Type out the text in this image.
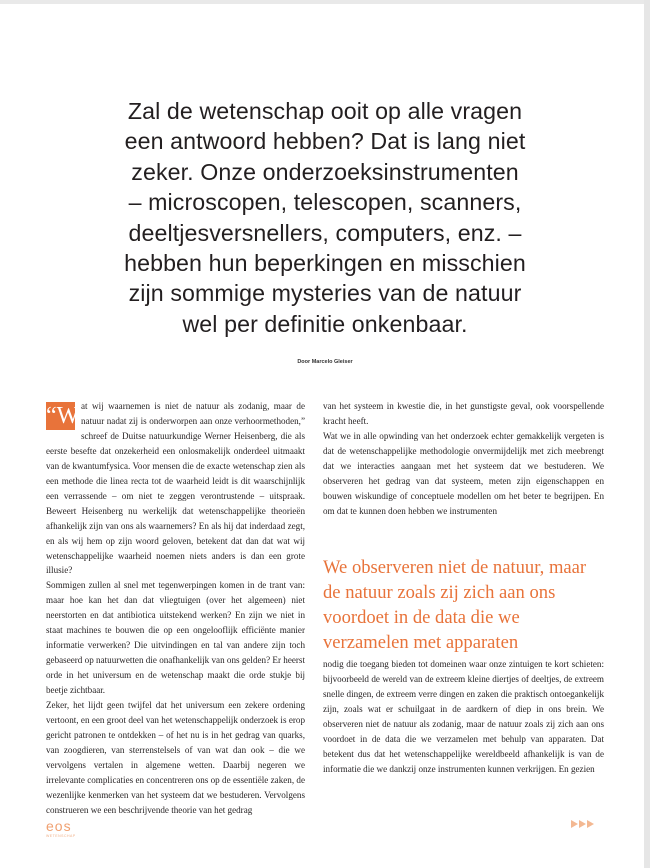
Zal de wetenschap ooit op alle vragen
een antwoord hebben? Dat is lang niet
zeker. Onze onderzoeksinstrumenten
– microscopen, telescopen, scanners,
deeltjesversnellers, computers, enz. –
hebben hun beperkingen en misschien
zijn sommige mysteries van de natuur
wel per definitie onkenbaar.
Door Marcelo Gleiser

“W at wij waarnemen is niet de natuur als zodanig, maar de natuur nadat zij is onderworpen aan onze verhoormethoden,” schreef de Duitse natuurkundige Werner Heisenberg, die als eerste besefte dat onzekerheid een onlosmakelijk onderdeel uitmaakt van de kwantumfysica. Voor mensen die de exacte wetenschap zien als een methode die linea recta tot de waarheid leidt is dit waarschijnlijk een verrassende – om niet te zeggen verontrustende – uitspraak. Beweert Heisenberg nu werkelijk dat wetenschappelijke theorieën afhankelijk zijn van ons als waarnemers? En als hij dat inderdaad zegt, en als wij hem op zijn woord geloven, betekent dat dan dat wat wij wetenschappelijke waarheid noemen niets anders is dan een grote illusie?

Sommigen zullen al snel met tegenwerpingen komen in de trant van: maar hoe kan het dan dat vliegtuigen (over het algemeen) niet neerstorten en dat antibiotica uitstekend werken? En zijn we niet in staat machines te bouwen die op een ongelooflijk efficiënte manier informatie verwerken? Die uitvindingen en tal van andere zijn toch gebaseerd op natuurwetten die onafhankelijk van ons gelden? Er heerst orde in het universum en de wetenschap maakt die orde stukje bij beetje zichtbaar.

Zeker, het lijdt geen twijfel dat het universum een zekere ordening vertoont, en een groot deel van het wetenschappelijk onderzoek is erop gericht patronen te ontdekken – of het nu is in het gedrag van quarks, van zoogdieren, van sterrenstelsels of van wat dan ook – die we vervolgens vertalen in algemene wetten. Daarbij negeren we irrelevante complicaties en concentreren ons op de essentiële zaken, de wezenlijke kenmerken van het systeem dat we bestuderen. Vervolgens construeren we een beschrijvende theorie van het gedrag

van het systeem in kwestie die, in het gunstigste geval, ook voorspellende kracht heeft.

Wat we in alle opwinding van het onderzoek echter gemakkelijk vergeten is dat de wetenschappelijke methodologie onvermijdelijk met zich meebrengt dat we interacties aangaan met het systeem dat we bestuderen. We observeren het gedrag van dat systeem, meten zijn eigenschappen en bouwen wiskundige of conceptuele modellen om het beter te begrijpen. En om dat te kunnen doen hebben we instrumenten

We observeren niet de natuur, maar de natuur zoals zij zich aan ons voordoet in de data die we verzamelen met apparaten

nodig die toegang bieden tot domeinen waar onze zintuigen te kort schieten: bijvoorbeeld de wereld van de extreem kleine diertjes of deeltjes, de extreem snelle dingen, de extreem verre dingen en zaken die praktisch ontoegankelijk zijn, zoals wat er schuilgaat in de aardkern of diep in ons brein. We observeren niet de natuur als zodanig, maar de natuur zoals zij zich aan ons voordoet in de data die we verzamelen met behulp van apparaten. Dat betekent dus dat het wetenschappelijke wereldbeeld afhankelijk is van de informatie die we dankzij onze instrumenten kunnen verkrijgen. En gezien

eos
WETENSCHAP
